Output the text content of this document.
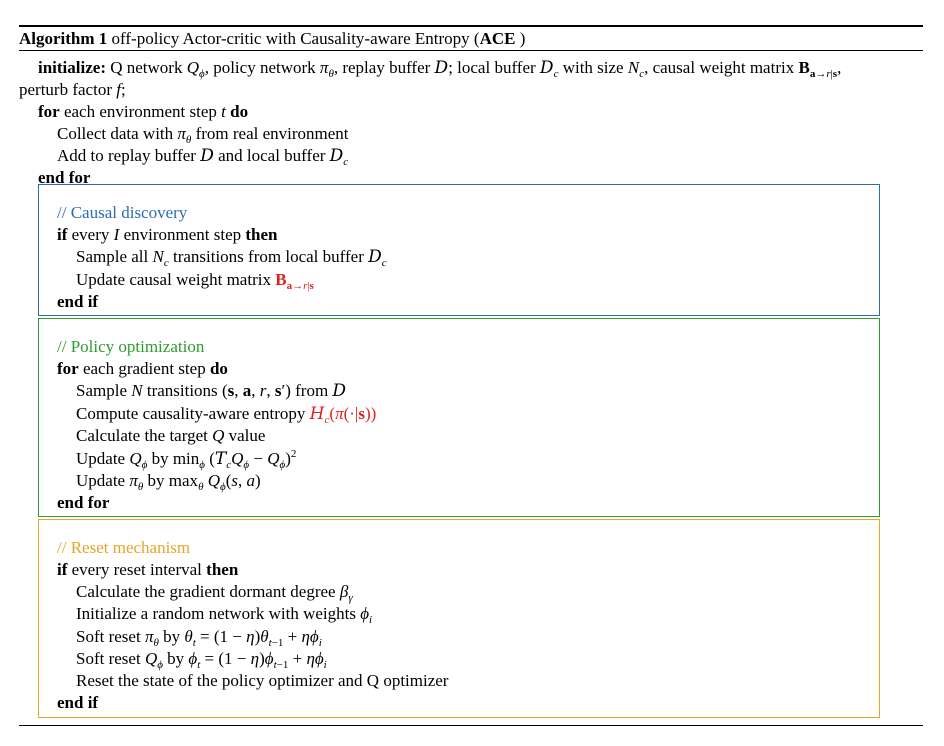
Algorithm 1 off-policy Actor-critic with Causality-aware Entropy (ACE )
initialize: Q network $Q_\phi$, policy network $\pi_\theta$, replay buffer D; local buffer $D_c$ with size $N_c$, causal weight matrix $B_{a\to r|s}$,
perturb factor f;
for each environment step t do
Collect data with $\pi_\theta$ from real environment
Add to replay buffer D and local buffer $D_c$
end for
// Causal discovery
if every I environment step then
Sample all $N_c$ transitions from local buffer $D_c$
Update causal weight matrix $B_{a\to r|s}$
end if
// Policy optimization
for each gradient step do
Sample N transitions (s, a, r, s′) from D
Compute causality-aware entropy $H_c(\pi(\cdot|s))$
Calculate the target Q value
Update $Q_\phi$ by $\min_\phi (T_cQ_\phi - Q_\phi)^2$
Update $\pi_\theta$ by $\max_\theta Q_\phi(s$, a)
end for
// Reset mechanism
if every reset interval then
Calculate the gradient dormant degree $\beta_\gamma$
Initialize a random network with weights $\phi_i$
Soft reset $\pi_\theta$ by $\theta_t = (1 - \eta)\theta_{t-1} + \eta\phi_i$
Soft reset $Q_\phi$ by $\phi_t = (1 - \eta)\phi_{t-1} + \eta\phi_i$
Reset the state of the policy optimizer and Q optimizer
end if
